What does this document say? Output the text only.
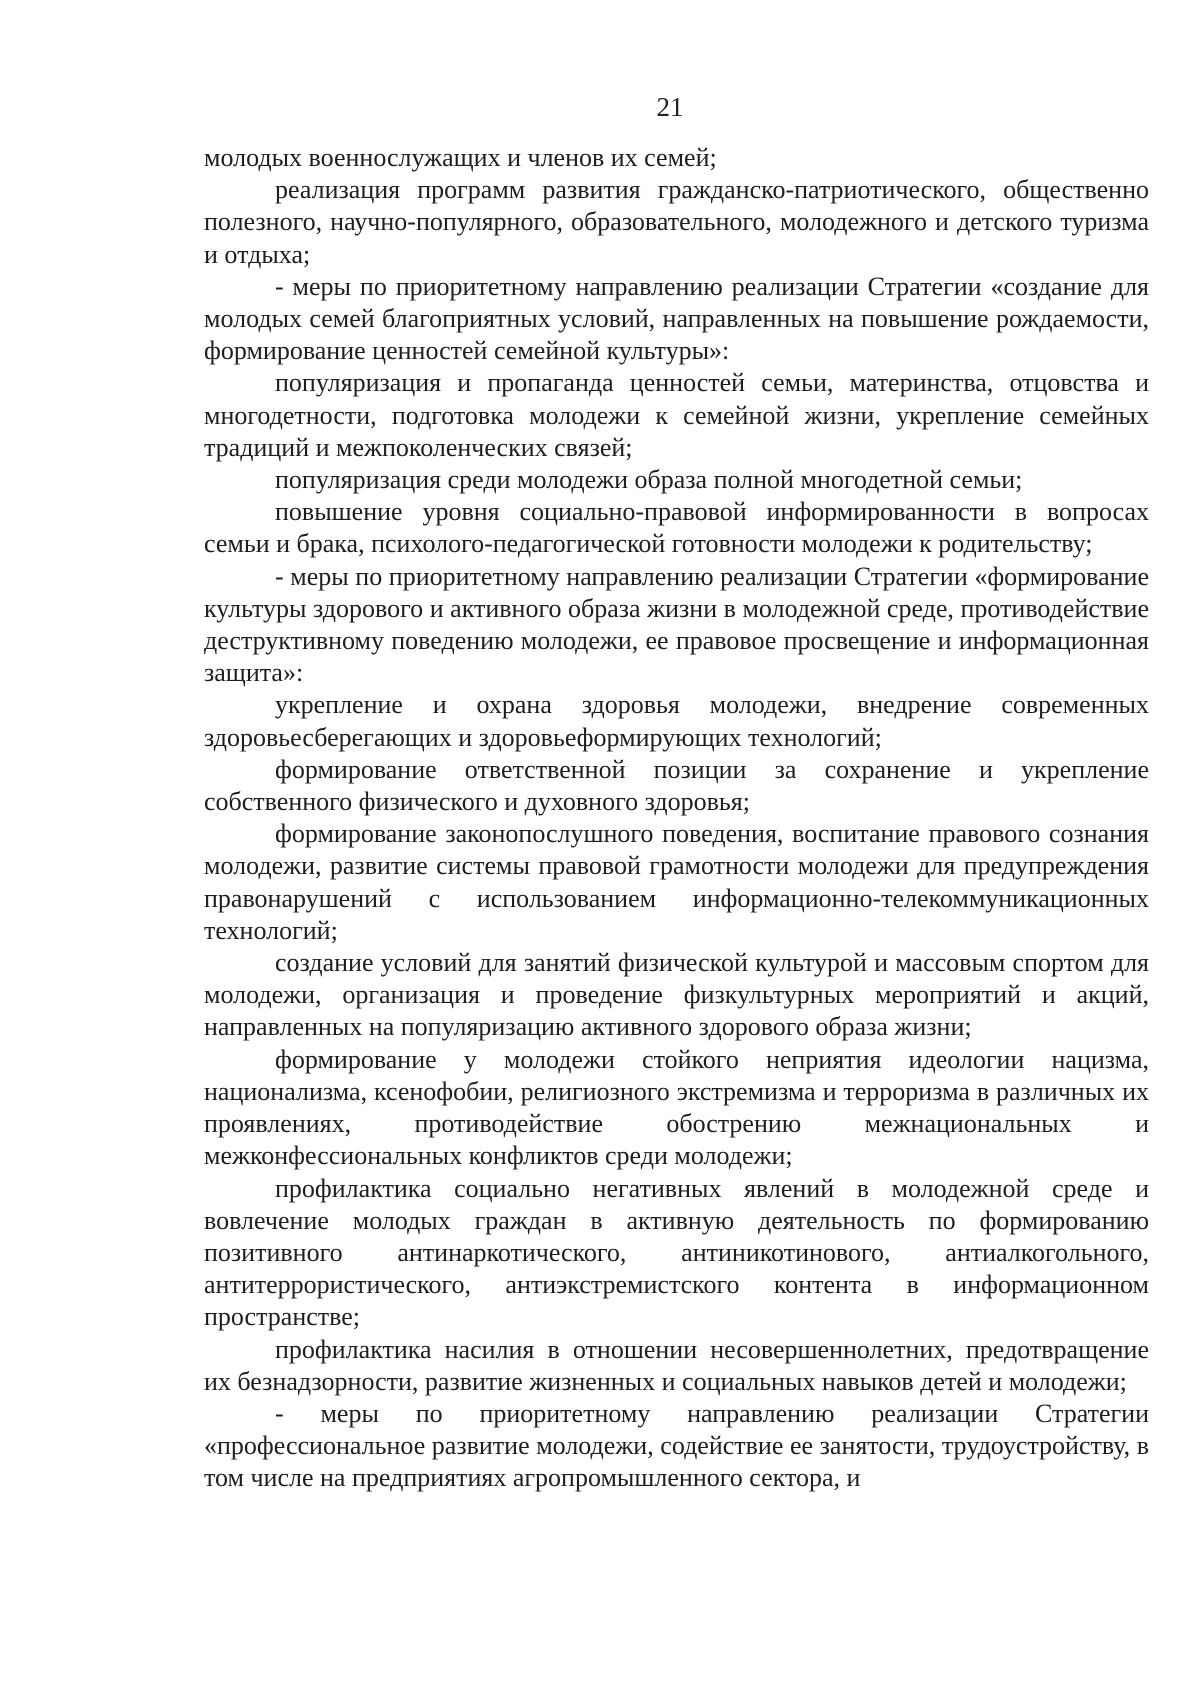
21

молодых военнослужащих и членов их семей;

реализация программ развития гражданско-патриотического, общественно полезного, научно-популярного, образовательного, молодежного и детского туризма и отдыха;

- меры по приоритетному направлению реализации Стратегии «создание для молодых семей благоприятных условий, направленных на повышение рождаемости, формирование ценностей семейной культуры»:

популяризация и пропаганда ценностей семьи, материнства, отцовства и многодетности, подготовка молодежи к семейной жизни, укрепление семейных традиций и межпоколенческих связей;

популяризация среди молодежи образа полной многодетной семьи;

повышение уровня социально-правовой информированности в вопросах семьи и брака, психолого-педагогической готовности молодежи к родительству;

- меры по приоритетному направлению реализации Стратегии «формирование культуры здорового и активного образа жизни в молодежной среде, противодействие деструктивному поведению молодежи, ее правовое просвещение и информационная защита»:

укрепление и охрана здоровья молодежи, внедрение современных здоровьесберегающих и здоровьеформирующих технологий;

формирование ответственной позиции за сохранение и укрепление собственного физического и духовного здоровья;

формирование законопослушного поведения, воспитание правового сознания молодежи, развитие системы правовой грамотности молодежи для предупреждения правонарушений с использованием информационно-телекоммуникационных технологий;

создание условий для занятий физической культурой и массовым спортом для молодежи, организация и проведение физкультурных мероприятий и акций, направленных на популяризацию активного здорового образа жизни;

формирование у молодежи стойкого неприятия идеологии нацизма, национализма, ксенофобии, религиозного экстремизма и терроризма в различных их проявлениях, противодействие обострению межнациональных и межконфессиональных конфликтов среди молодежи;

профилактика социально негативных явлений в молодежной среде и вовлечение молодых граждан в активную деятельность по формированию позитивного антинаркотического, антиникотинового, антиалкогольного, антитеррористического, антиэкстремистского контента в информационном пространстве;

профилактика насилия в отношении несовершеннолетних, предотвращение их безнадзорности, развитие жизненных и социальных навыков детей и молодежи;

- меры по приоритетному направлению реализации Стратегии «профессиональное развитие молодежи, содействие ее занятости, трудоустройству, в том числе на предприятиях агропромышленного сектора, и
